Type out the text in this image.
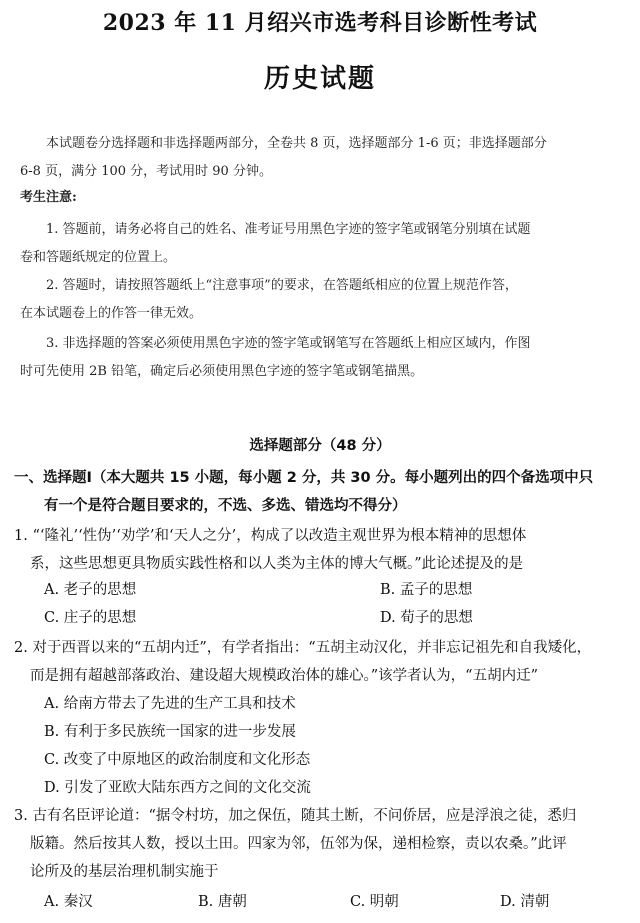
2023 年 11 月绍兴市选考科目诊断性考试
历史试题
本试题卷分选择题和非选择题两部分，全卷共 8 页，选择题部分 1-6 页；非选择题部分
6-8 页，满分 100 分，考试用时 90 分钟。
考生注意:
1. 答题前，请务必将自己的姓名、准考证号用黑色字迹的签字笔或钢笔分别填在试题
卷和答题纸规定的位置上。
2. 答题时，请按照答题纸上“注意事项”的要求，在答题纸相应的位置上规范作答，
在本试题卷上的作答一律无效。
3. 非选择题的答案必须使用黑色字迹的签字笔或钢笔写在答题纸上相应区域内，作图
时可先使用 2B 铅笔，确定后必须使用黑色字迹的签字笔或钢笔描黑。
选择题部分（48 分）
一、选择题Ⅰ（本大题共 15 小题，每小题 2 分，共 30 分。每小题列出的四个备选项中只
有一个是符合题目要求的，不选、多选、错选均不得分）
1. “‘隆礼’‘性伪’‘劝学’和‘天人之分’，构成了以改造主观世界为根本精神的思想体
系，这些思想更具物质实践性格和以人类为主体的博大气概。”此论述提及的是
A. 老子的思想	B. 孟子的思想
C. 庄子的思想	D. 荀子的思想
2. 对于西晋以来的“五胡内迁”，有学者指出：“五胡主动汉化，并非忘记祖先和自我矮化，
而是拥有超越部落政治、建设超大规模政治体的雄心。”该学者认为，“五胡内迁”
A. 给南方带去了先进的生产工具和技术
B. 有利于多民族统一国家的进一步发展
C. 改变了中原地区的政治制度和文化形态
D. 引发了亚欧大陆东西方之间的文化交流
3. 古有名臣评论道：“据令村坊，加之保伍，随其土断，不问侨居，应是浮浪之徒，悉归
版籍。然后按其人数，授以土田。四家为邻，伍邻为保，递相检察，责以农桑。”此评
论所及的基层治理机制实施于
A. 秦汉	B. 唐朝	C. 明朝	D. 清朝
